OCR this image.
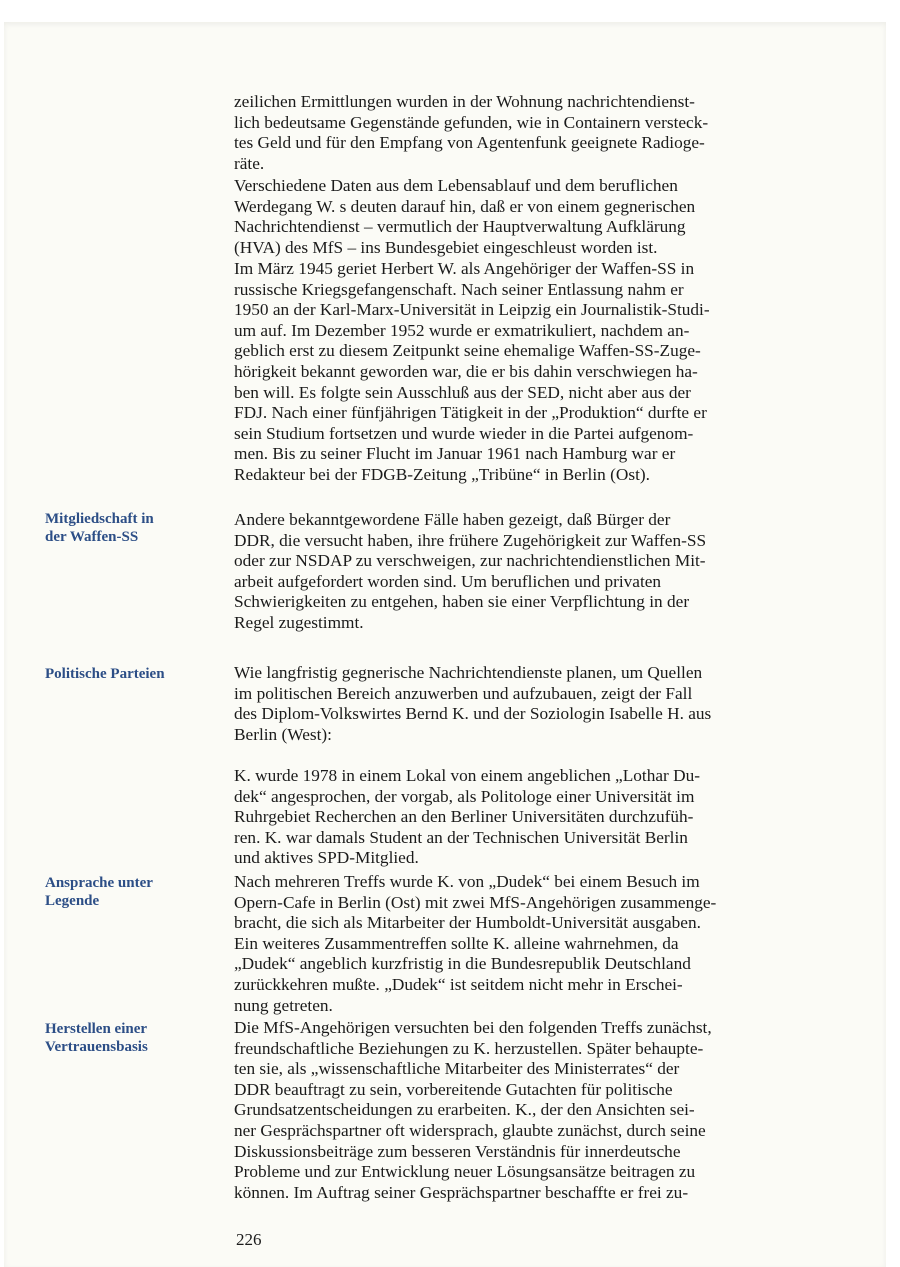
zeilichen Ermittlungen wurden in der Wohnung nachrichtendienst-
lich bedeutsame Gegenstände gefunden, wie in Containern versteck-
tes Geld und für den Empfang von Agentenfunk geeignete Radioge-
räte.
Verschiedene Daten aus dem Lebensablauf und dem beruflichen
Werdegang W. s deuten darauf hin, daß er von einem gegnerischen
Nachrichtendienst – vermutlich der Hauptverwaltung Aufklärung
(HVA) des MfS – ins Bundesgebiet eingeschleust worden ist.
Im März 1945 geriet Herbert W. als Angehöriger der Waffen-SS in
russische Kriegsgefangenschaft. Nach seiner Entlassung nahm er
1950 an der Karl-Marx-Universität in Leipzig ein Journalistik-Studi-
um auf. Im Dezember 1952 wurde er exmatrikuliert, nachdem an-
geblich erst zu diesem Zeitpunkt seine ehemalige Waffen-SS-Zuge-
hörigkeit bekannt geworden war, die er bis dahin verschwiegen ha-
ben will. Es folgte sein Ausschluß aus der SED, nicht aber aus der
FDJ. Nach einer fünfjährigen Tätigkeit in der „Produktion“ durfte er
sein Studium fortsetzen und wurde wieder in die Partei aufgenom-
men. Bis zu seiner Flucht im Januar 1961 nach Hamburg war er
Redakteur bei der FDGB-Zeitung „Tribüne“ in Berlin (Ost).
Mitgliedschaft in
der Waffen-SS
Andere bekanntgewordene Fälle haben gezeigt, daß Bürger der
DDR, die versucht haben, ihre frühere Zugehörigkeit zur Waffen-SS
oder zur NSDAP zu verschweigen, zur nachrichtendienstlichen Mit-
arbeit aufgefordert worden sind. Um beruflichen und privaten
Schwierigkeiten zu entgehen, haben sie einer Verpflichtung in der
Regel zugestimmt.
Politische Parteien	Wie langfristig gegnerische Nachrichtendienste planen, um Quellen
im politischen Bereich anzuwerben und aufzubauen, zeigt der Fall
des Diplom-Volkswirtes Bernd K. und der Soziologin Isabelle H. aus
Berlin (West):
K. wurde 1978 in einem Lokal von einem angeblichen „Lothar Du-
dek“ angesprochen, der vorgab, als Politologe einer Universität im
Ruhrgebiet Recherchen an den Berliner Universitäten durchzufüh-
ren. K. war damals Student an der Technischen Universität Berlin
und aktives SPD-Mitglied.
Ansprache unter
Legende
Nach mehreren Treffs wurde K. von „Dudek“ bei einem Besuch im
Opern-Cafe in Berlin (Ost) mit zwei MfS-Angehörigen zusammenge-
bracht, die sich als Mitarbeiter der Humboldt-Universität ausgaben.
Ein weiteres Zusammentreffen sollte K. alleine wahrnehmen, da
„Dudek“ angeblich kurzfristig in die Bundesrepublik Deutschland
zurückkehren mußte. „Dudek“ ist seitdem nicht mehr in Erschei-
nung getreten.
Herstellen einer
Vertrauensbasis
Die MfS-Angehörigen versuchten bei den folgenden Treffs zunächst,
freundschaftliche Beziehungen zu K. herzustellen. Später behaupte-
ten sie, als „wissenschaftliche Mitarbeiter des Ministerrates“ der
DDR beauftragt zu sein, vorbereitende Gutachten für politische
Grundsatzentscheidungen zu erarbeiten. K., der den Ansichten sei-
ner Gesprächspartner oft widersprach, glaubte zunächst, durch seine
Diskussionsbeiträge zum besseren Verständnis für innerdeutsche
Probleme und zur Entwicklung neuer Lösungsansätze beitragen zu
können. Im Auftrag seiner Gesprächspartner beschaffte er frei zu-
226
